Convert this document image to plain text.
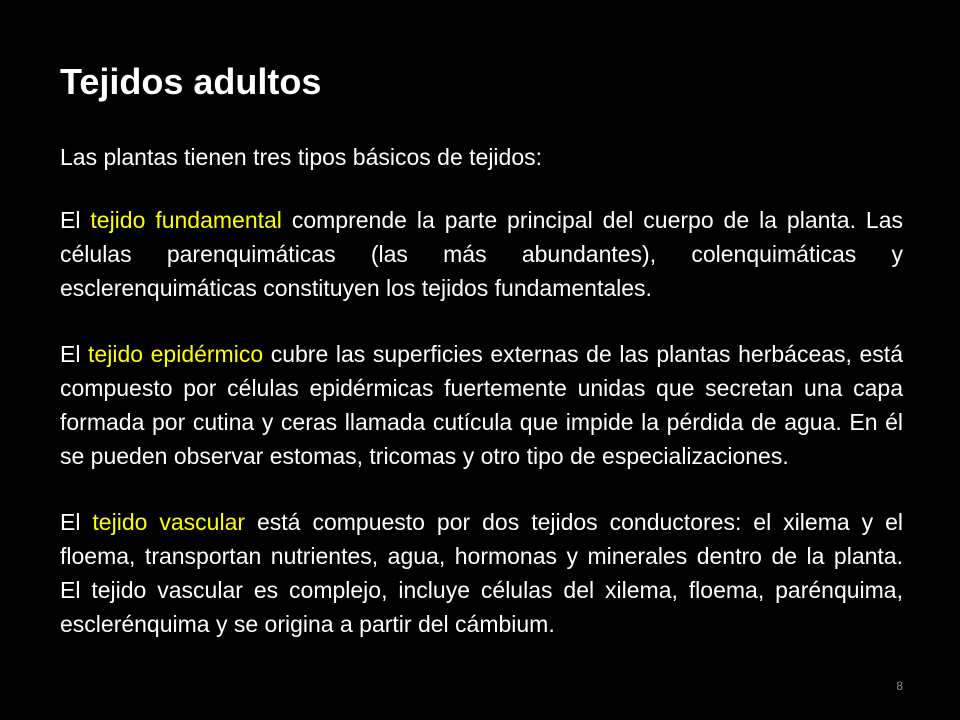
Tejidos adultos

Las plantas tienen tres tipos básicos de tejidos:

El tejido fundamental comprende la parte principal del cuerpo de la planta. Las
células parenquimáticas (las más abundantes), colenquimáticas y
esclerenquimáticas constituyen los tejidos fundamentales.
El tejido epidérmico cubre las superficies externas de las plantas herbáceas, está
compuesto por células epidérmicas fuertemente unidas que secretan una capa
formada por cutina y ceras llamada cutícula que impide la pérdida de agua. En él
se pueden observar estomas, tricomas y otro tipo de especializaciones.
El tejido vascular está compuesto por dos tejidos conductores: el xilema y el
floema, transportan nutrientes, agua, hormonas y minerales dentro de la planta.
El tejido vascular es complejo, incluye células del xilema, floema, parénquima,
esclerénquima y se origina a partir del cámbium.
8
